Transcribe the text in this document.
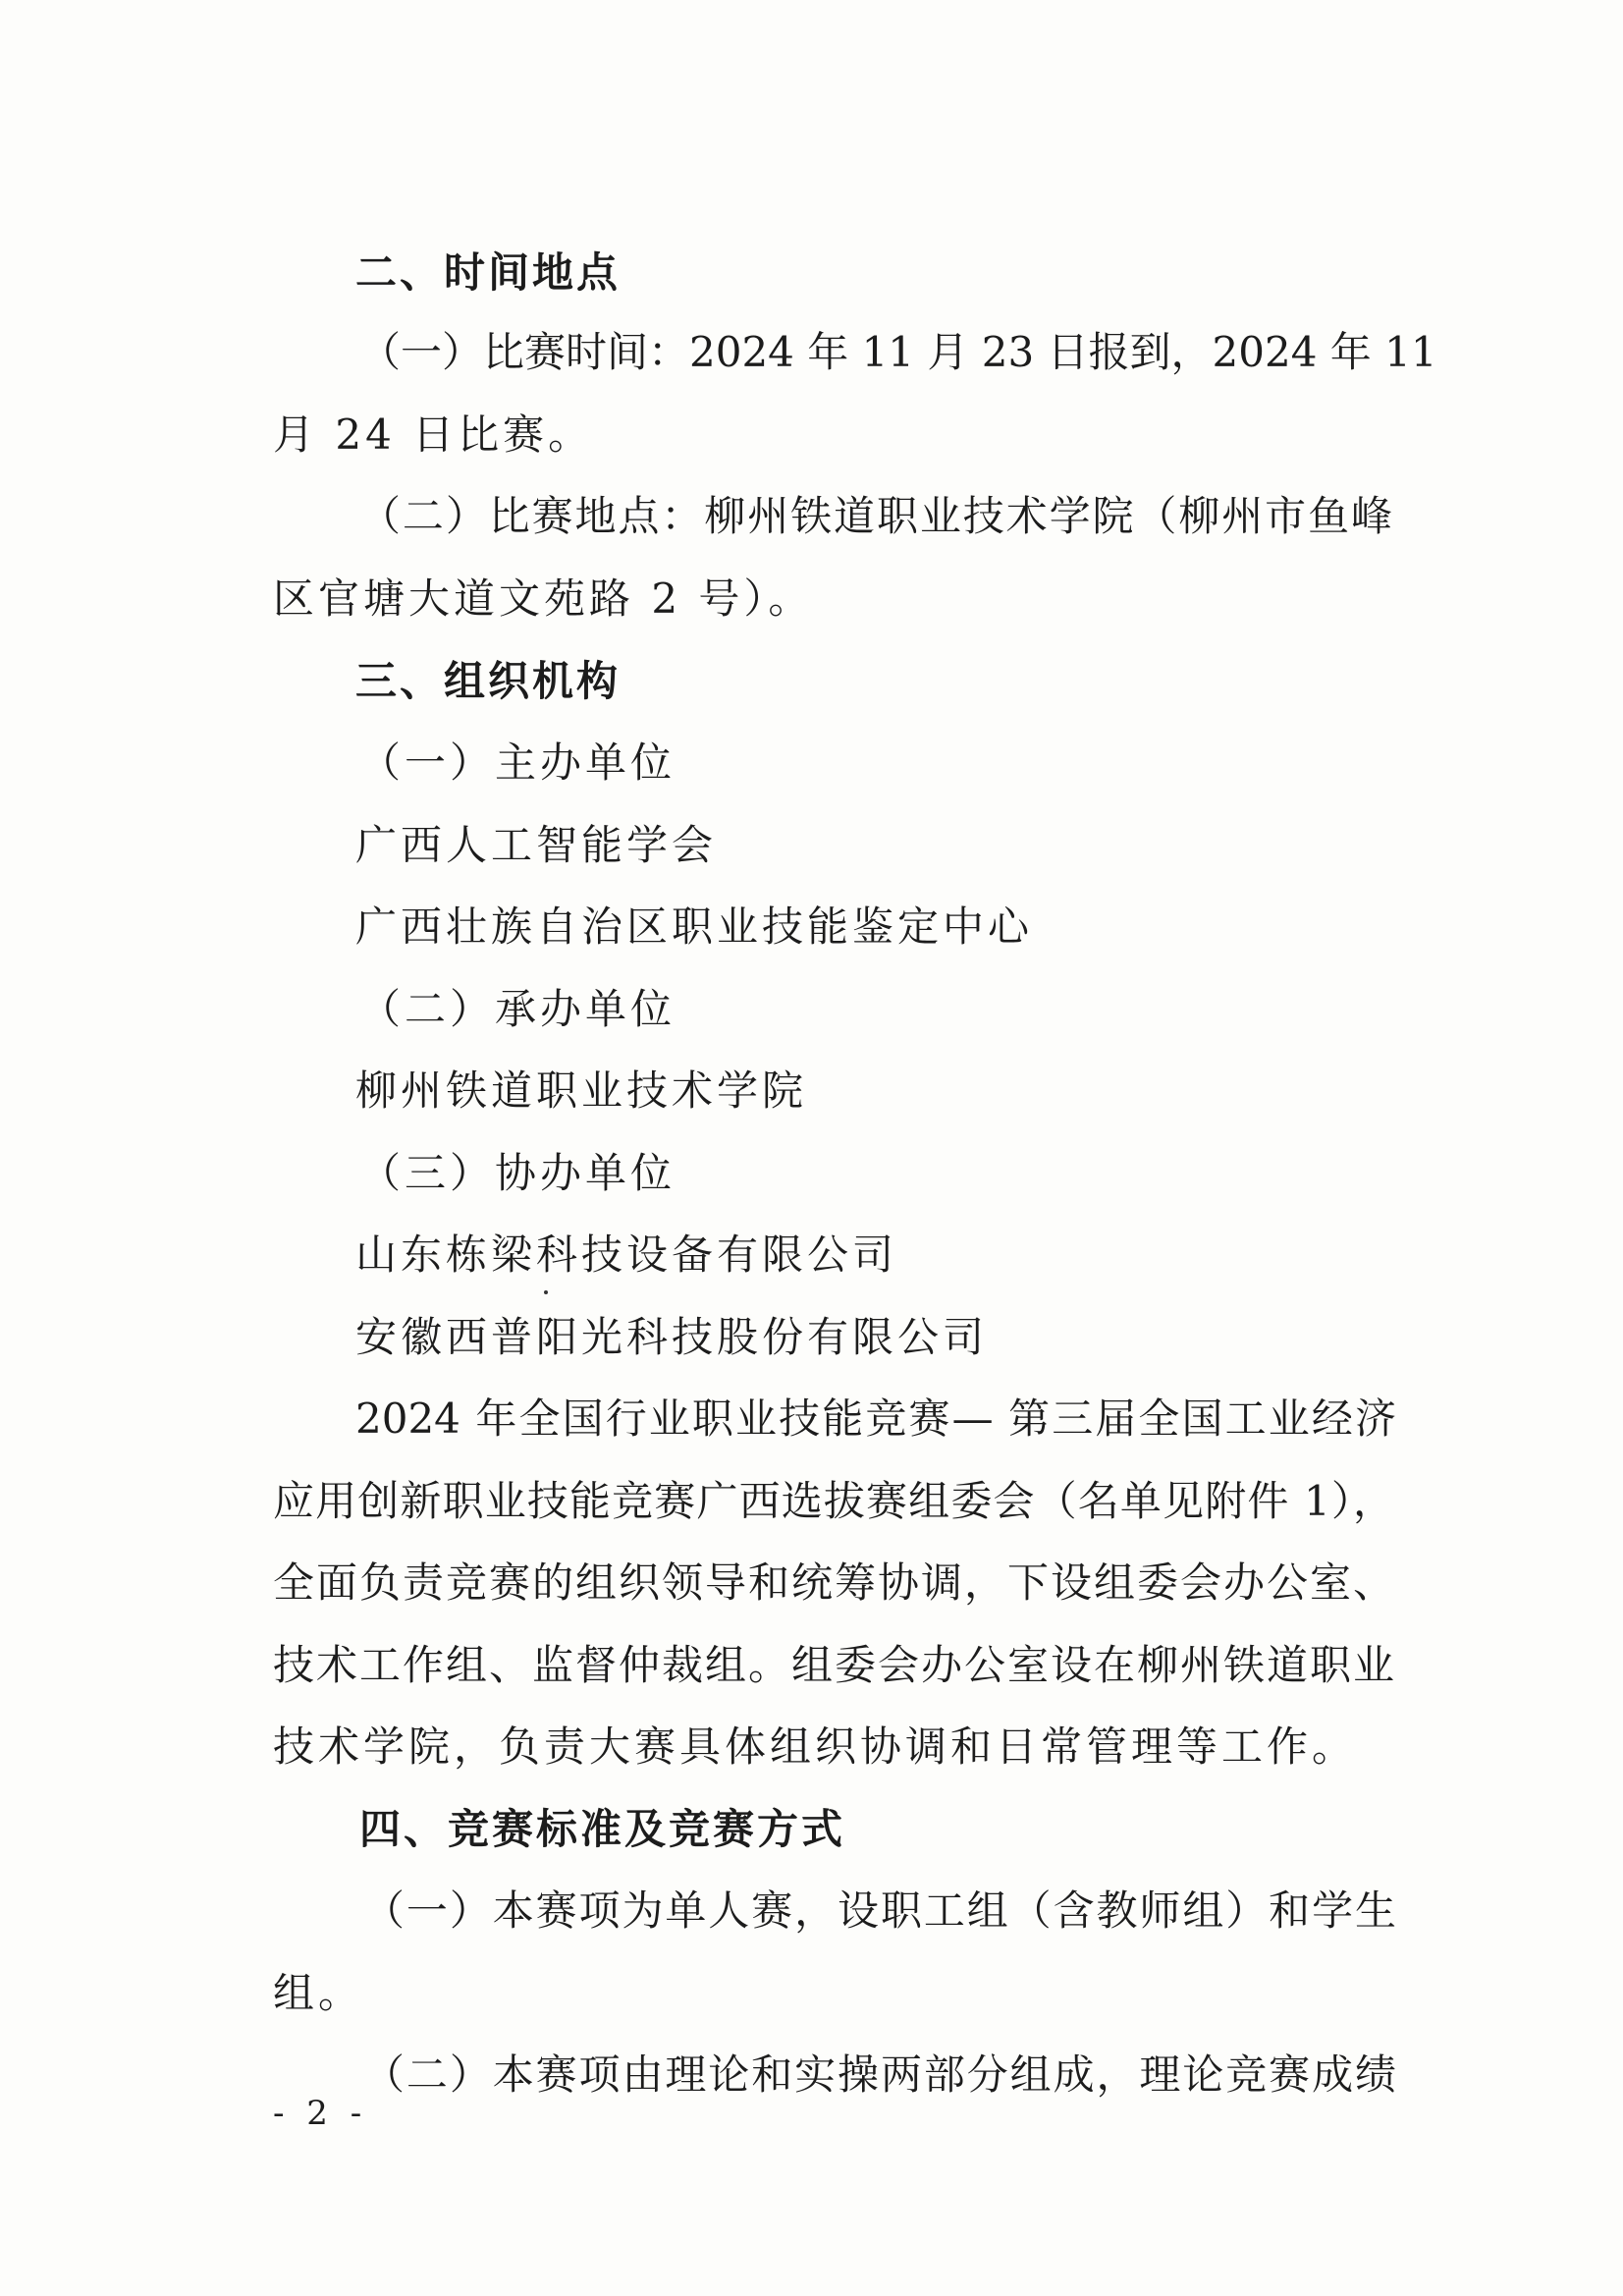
二、时间地点
（一）比赛时间：2024 年 11 月 23 日报到，2024 年 11
月 24 日比赛。
（二）比赛地点：柳州铁道职业技术学院（柳州市鱼峰
区官塘大道文苑路 2 号）。
三、组织机构
（一）主办单位
广西人工智能学会
广西壮族自治区职业技能鉴定中心
（二）承办单位
柳州铁道职业技术学院
（三）协办单位
山东栋梁科技设备有限公司
安徽西普阳光科技股份有限公司
2024 年全国行业职业技能竞赛— 第三届全国工业经济
应用创新职业技能竞赛广西选拔赛组委会（名单见附件 1），
全面负责竞赛的组织领导和统筹协调，下设组委会办公室、
技术工作组、监督仲裁组。组委会办公室设在柳州铁道职业
技术学院，负责大赛具体组织协调和日常管理等工作。
四、竞赛标准及竞赛方式
（一）本赛项为单人赛，设职工组（含教师组）和学生
组。
（二）本赛项由理论和实操两部分组成，理论竞赛成绩
- 2 -
